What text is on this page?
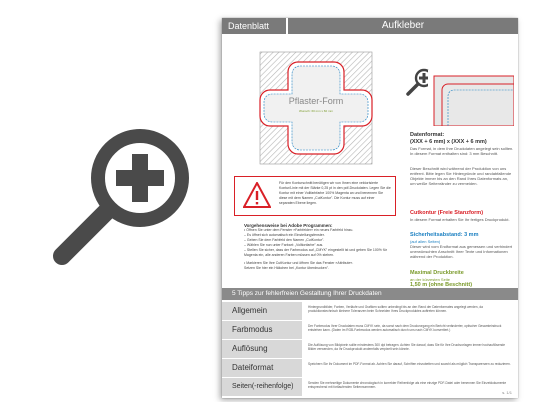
Datenblatt	Aufkleber
Pflaster-Form
Wunsch: 60 mm x 60 mm
Datenformat:
(XXX + 6 mm) x (XXX + 6 mm)
Das Format, in dem Ihre Druckdaten angelegt sein sollten. In diesem Format enthalten sind: 3 mm Beschnitt.
Dieser Beschnitt wird während der Produktion von uns entfernt. Bitte legen Sie Hintergründe und randabfallende Objekte immer bis an den Rand Ihres Datenformats an, um weiße Seitenränder zu vermeiden.
Cutkontur (Freie Stanzform)
In diesem Format erhalten Sie Ihr fertiges Druckprodukt.
Sicherheitsabstand: 3 mm
(auf allen Seiten)
Dieser wird vom Endformat aus gemessen und verhindert unerwünschten Anschnitt Ihrer Texte und Informationen während der Produktion.
Maximal Druckbreite
an der kürzesten Seite
1,50 m (ohne Beschnitt)
Für den Konturschnitt benötigen wir von Ihnen eine vektorisierte Kontur/Linie mit der Stärke 0,25 pt in den pdf-Druckdaten. Legen Sie die Kontur mit einer Vollfarbfarbe 100% Magenta an und benennen Sie diese mit dem Namen „CutKontur". Die Kontur muss auf einer separaten Ebene liegen.
Vorgehensweise bei Adobe Programmen:
• Öffnen Sie unter dem Fenster »Farbfelder« ein neues Farbfeld hinzu.
– Es öffnet sich automatisch ein Einstellungsfenster.
– Geben Sie dem Farbfeld den Namen „CutKontur".
– Wählen Sie nun unter Farbart: „Volltonfarbe" aus.
– Stellen Sie sicher, dass der Farbmodus auf „CMYK" eingestellt ist und geben Sie 100% für Magenta ein, alle anderen Farben müssen auf 0% stehen.
• Markieren Sie Ihre CutKontur und öffnen Sie das Fenster »Attribute«.
Setzen Sie hier ein Häkchen bei „Kontur überdrucken".
5 Tipps zur fehlerfreien Gestaltung Ihrer Druckdaten
Allgemein	Hintergrundbilder, Farben, Verläufe und Grafiken sollten unbedingt bis an den Rand der Datenformates angelegt werden, da produktionstechnisch kleinere Toleranzen beim Schneiden Ihres Druckproduktes auftreten können.
Farbmodus	Der Farbmodus Ihrer Druckdaten muss CMYK sein, da sonst nach dem Druckvorgang ein Bericht veränderter, optischer Gesamteindruck entstehen kann. (Daten im RGB-Farbmodus werden automatisch durch uns nach CMYK konvertiert.)
Auflösung	Die Auflösung von Bildpixeln sollte mindestens 300 dpi betragen. Achten Sie darauf, dass Sie für Ihre Druckvorlagen immer hochauflösende Bilder verwenden, da Ihr Druckprodukt andernfalls verpixelt sein könnte.
Dateiformat	Speichern Sie Ihr Dokument im PDF-Format ab. Achten Sie darauf, Schriften einzubetten und sowohl als möglich Transparenzen zu reduzieren.
Seiten(-reihenfolge)	Senden Sie mehrseitige Dokumente chronologisch in korrekter Reihenfolge als eine einzige PDF-Datei oder benennen Sie Einzeldokumente entsprechend mit fortlaufenden Seitennummern.
s. 1/1
